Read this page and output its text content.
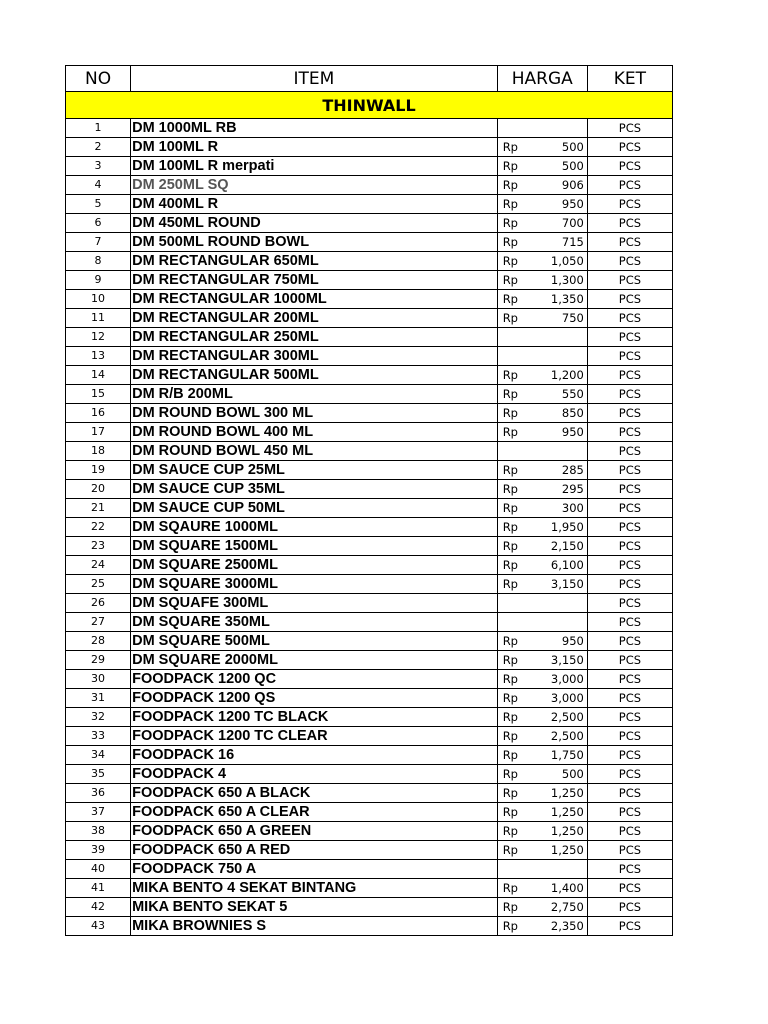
NO	ITEM	HARGA	KET
THINWALL			
1	DM 1000ML RB		PCS
2	DM 100ML R	Rp 500	PCS
3	DM 100ML R merpati	Rp 500	PCS
4	DM 250ML SQ	Rp 906	PCS
5	DM 400ML R	Rp 950	PCS
6	DM 450ML ROUND	Rp 700	PCS
7	DM 500ML ROUND BOWL	Rp 715	PCS
8	DM RECTANGULAR 650ML	Rp 1,050	PCS
9	DM RECTANGULAR 750ML	Rp 1,300	PCS
10	DM RECTANGULAR 1000ML	Rp 1,350	PCS
11	DM RECTANGULAR 200ML	Rp 750	PCS
12	DM RECTANGULAR 250ML		PCS
13	DM RECTANGULAR 300ML		PCS
14	DM RECTANGULAR 500ML	Rp 1,200	PCS
15	DM R/B 200ML	Rp 550	PCS
16	DM ROUND BOWL 300 ML	Rp 850	PCS
17	DM ROUND BOWL 400 ML	Rp 950	PCS
18	DM ROUND BOWL 450 ML		PCS
19	DM SAUCE CUP 25ML	Rp 285	PCS
20	DM SAUCE CUP 35ML	Rp 295	PCS
21	DM SAUCE CUP 50ML	Rp 300	PCS
22	DM SQAURE 1000ML	Rp 1,950	PCS
23	DM SQUARE 1500ML	Rp 2,150	PCS
24	DM SQUARE 2500ML	Rp 6,100	PCS
25	DM SQUARE 3000ML	Rp 3,150	PCS
26	DM SQUAFE 300ML		PCS
27	DM SQUARE 350ML		PCS
28	DM SQUARE 500ML	Rp 950	PCS
29	DM SQUARE 2000ML	Rp 3,150	PCS
30	FOODPACK 1200 QC	Rp 3,000	PCS
31	FOODPACK 1200 QS	Rp 3,000	PCS
32	FOODPACK 1200 TC BLACK	Rp 2,500	PCS
33	FOODPACK 1200 TC CLEAR	Rp 2,500	PCS
34	FOODPACK 16	Rp 1,750	PCS
35	FOODPACK 4	Rp 500	PCS
36	FOODPACK 650 A BLACK	Rp 1,250	PCS
37	FOODPACK 650 A CLEAR	Rp 1,250	PCS
38	FOODPACK 650 A GREEN	Rp 1,250	PCS
39	FOODPACK 650 A RED	Rp 1,250	PCS
40	FOODPACK 750 A		PCS
41	MIKA BENTO 4 SEKAT BINTANG	Rp 1,400	PCS
42	MIKA BENTO SEKAT 5	Rp 2,750	PCS
43	MIKA BROWNIES S	Rp 2,350	PCS
